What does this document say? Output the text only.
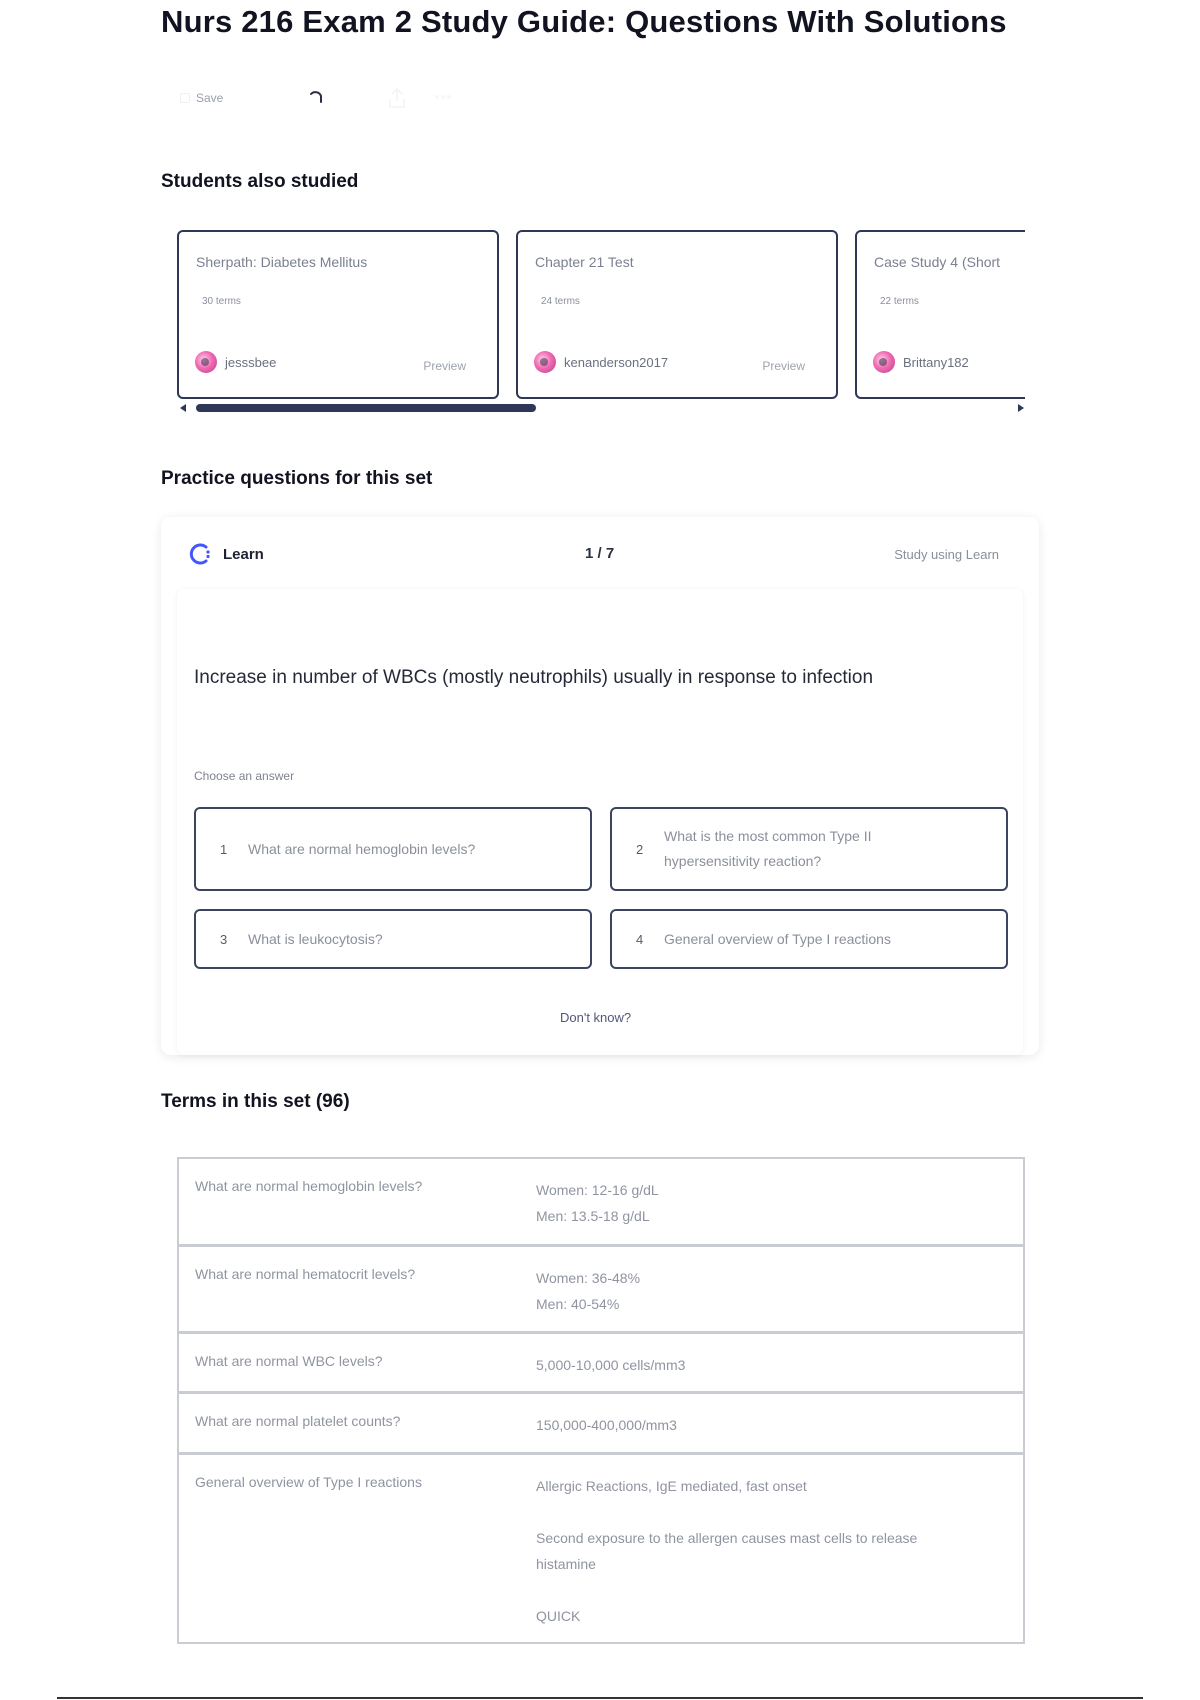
Nurs 216 Exam 2 Study Guide: Questions With Solutions
Save
Students also studied
Sherpath: Diabetes Mellitus
30 terms
jesssbee	Preview
Chapter 21 Test
24 terms
kenanderson2017	Preview
Case Study 4 (Short
22 terms
Brittany182
Practice questions for this set
Learn	1 / 7	Study using Learn
Increase in number of WBCs (mostly neutrophils) usually in response to infection
Choose an answer
1	What are normal hemoglobin levels?	2
What is the most common Type II hypersensitivity reaction?
3	What is leukocytosis?	4	General overview of Type I reactions
Don't know?
Terms in this set (96)
What are normal hemoglobin levels?	Women: 12-16 g/dL

Men: 13.5-18 g/dL

What are normal hematocrit levels?	Women: 36-48%

Men: 40-54%

What are normal WBC levels?	5,000-10,000 cells/mm3

What are normal platelet counts?	150,000-400,000/mm3

General overview of Type I reactions	Allergic Reactions, IgE mediated, fast onset

Second exposure to the allergen causes mast cells to release histamine

QUICK
